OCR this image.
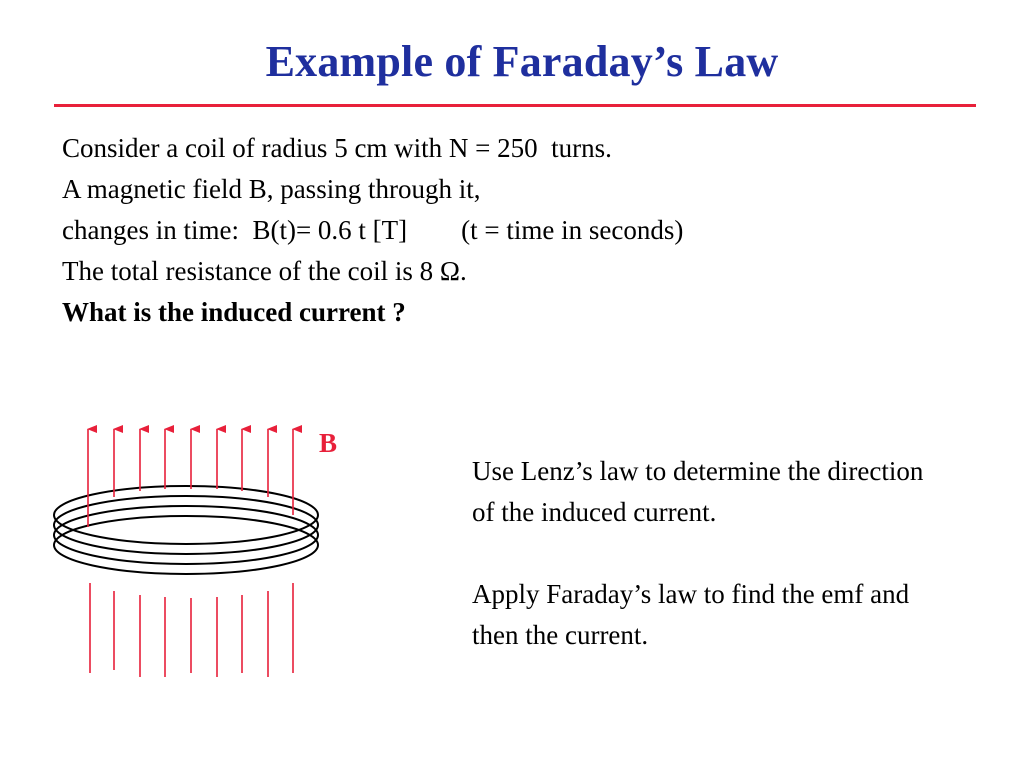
Example of Faraday’s Law
Consider a coil of radius 5 cm with N = 250  turns.
A magnetic field B, passing through it,
changes in time:  B(t)= 0.6 t [T]        (t = time in seconds)
The total resistance of the coil is 8 Ω.
What is the induced current ?
B

Use Lenz’s law to determine the direction of the induced current.

Apply Faraday’s law to find the emf and then the current.
